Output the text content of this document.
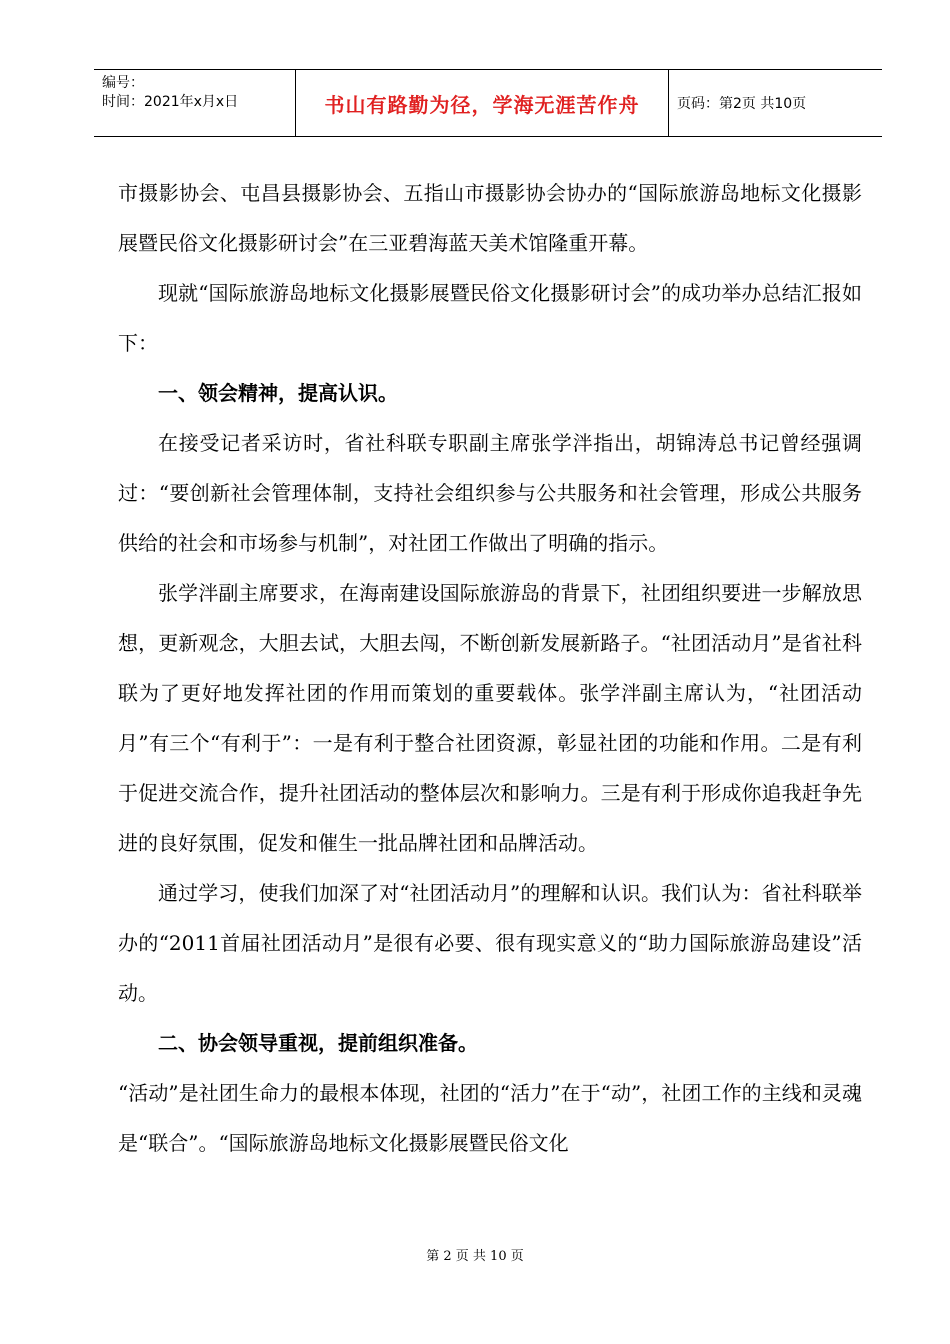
编号：
时间：2021年x月x日	书山有路勤为径，学海无涯苦作舟	页码：第2页 共10页

市摄影协会、屯昌县摄影协会、五指山市摄影协会协办的“国际旅游岛地标文化摄影展暨民俗文化摄影研讨会”在三亚碧海蓝天美术馆隆重开幕。

现就“国际旅游岛地标文化摄影展暨民俗文化摄影研讨会”的成功举办总结汇报如下：

一、领会精神，提高认识。

在接受记者采访时，省社科联专职副主席张学泮指出，胡锦涛总书记曾经强调过：“要创新社会管理体制，支持社会组织参与公共服务和社会管理，形成公共服务供给的社会和市场参与机制”，对社团工作做出了明确的指示。

张学泮副主席要求，在海南建设国际旅游岛的背景下，社团组织要进一步解放思想，更新观念，大胆去试，大胆去闯，不断创新发展新路子。“社团活动月”是省社科联为了更好地发挥社团的作用而策划的重要载体。张学泮副主席认为，“社团活动月”有三个“有利于”：一是有利于整合社团资源，彰显社团的功能和作用。二是有利于促进交流合作，提升社团活动的整体层次和影响力。三是有利于形成你追我赶争先进的良好氛围，促发和催生一批品牌社团和品牌活动。

通过学习，使我们加深了对“社团活动月”的理解和认识。我们认为：省社科联举办的“2011首届社团活动月”是很有必要、很有现实意义的“助力国际旅游岛建设”活动。

二、协会领导重视，提前组织准备。

“活动”是社团生命力的最根本体现，社团的“活力”在于“动”，社团工作的主线和灵魂是“联合”。“国际旅游岛地标文化摄影展暨民俗文化

第 2 页 共 10 页
